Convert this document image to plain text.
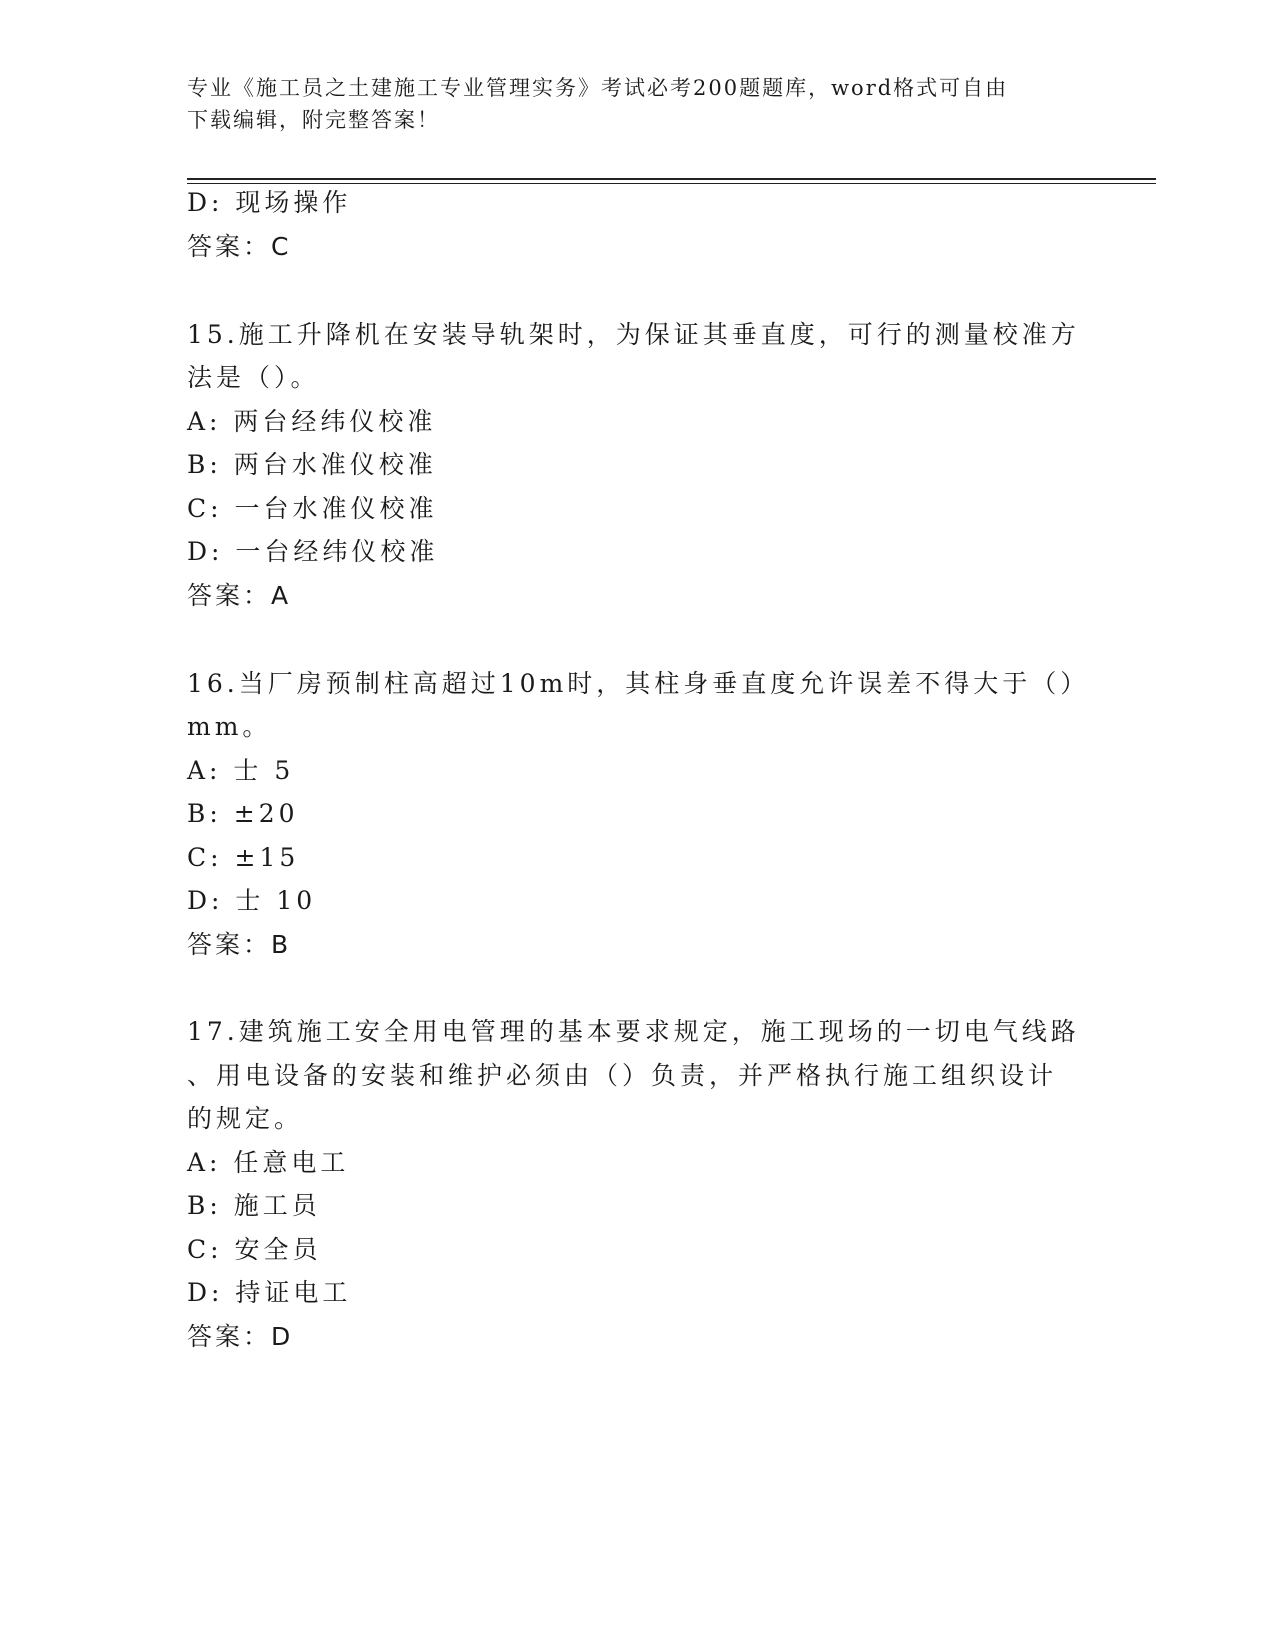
专业《施工员之土建施工专业管理实务》考试必考200题题库，word格式可自由
下载编辑，附完整答案！
D: 现场操作
答案：C
15.施工升降机在安装导轨架时，为保证其垂直度，可行的测量校准方
法是（）。
A: 两台经纬仪校准
B: 两台水准仪校准
C: 一台水准仪校准
D: 一台经纬仪校准
答案：A
16.当厂房预制柱高超过10m时，其柱身垂直度允许误差不得大于（）
mm。
A: 士 5
B: ±20
C: ±15
D: 士 10
答案：B
17.建筑施工安全用电管理的基本要求规定，施工现场的一切电气线路
、用电设备的安装和维护必须由（）负责，并严格执行施工组织设计
的规定。
A: 任意电工
B: 施工员
C: 安全员
D: 持证电工
答案：D
